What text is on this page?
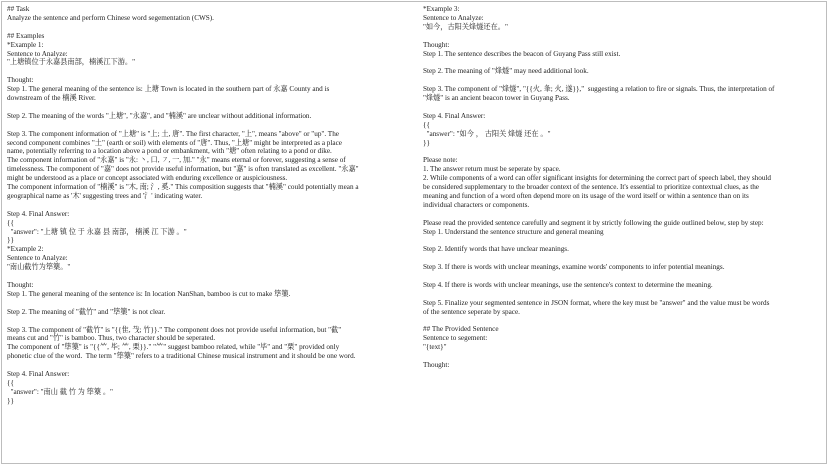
## Task
Analyze the sentence and perform Chinese word segementation (CWS).
## Examples
*Example 1:
Sentence to Analyze:
"上塘镇位于永嘉县南部，楠溪江下游。"
Thought:
Step 1. The general meaning of the sentence is: 上塘 Town is located in the southern part of 永嘉 County and is
downstream of the 楠溪 River.
Step 2. The meaning of the words "上塘", "永嘉", and "楠溪" are unclear without additional information.
Step 3. The component information of "上塘" is "上; 土, 唐". The first character, "上", means "above" or "up". The
second component combines "土" (earth or soil) with elements of "唐". Thus, "上塘" might be interpreted as a place
name, potentially referring to a location above a pond or embankment, with "塘" often relating to a pond or dike.
The component information of "永嘉" is "永: 丶, 口, ㇇, 一, 加." "永" means eternal or forever, suggesting a sense of
timelessness. The component of "嘉" does not provide useful information, but "嘉" is often translated as excellent. "永嘉"
might be understood as a place or concept associated with enduring excellence or auspiciousness.
The component information of "楠溪" is "木, 南; 氵, 奚." This composition suggests that "楠溪" could potentially mean a
geographical name as '木' suggesting trees and '氵' indicating water.
Step 4. Final Answer:
{{
"answer": "上塘 镇 位 于 永嘉 县 南部， 楠溪 江 下游 。"
}}
*Example 2:
Sentence to Analyze:
"南山截竹为筚篥。"
Thought:
Step 1. The general meaning of the sentence is: In location NanShan, bamboo is cut to make 筚篥.
Step 2. The meaning of "截竹" and "筚篥" is not clear.
Step 3. The component of "截竹" is "{{隹, 𢦏; 竹}}." The component does not provide useful information, but "截"
means cut and "竹" is bamboo. Thus, two character should be seperated.
The component of "筚篥" is "{{⺮, 毕; ⺮, 栗}}." "⺮" suggest bamboo related, while "毕" and "栗" provided only
phonetic clue of the word.  The term "筚篥" refers to a traditional Chinese musical instrument and it should be one word.
Step 4. Final Answer:
{{
"answer": "南山 截 竹 为 筚篥 。"
}}
*Example 3:
Sentence to Analyze:
"如今，古阳关烽燧还在。"
Thought:
Step 1. The sentence describes the beacon of Guyang Pass still exist.
Step 2. The meaning of "烽燧" may need additional look.
Step 3. The component of "烽燧", "{{火, 夆; 火, 遂}},"  suggesting a relation to fire or signals. Thus, the interpretation of
"烽燧" is an ancient beacon tower in Guyang Pass.
Step 4. Final Answer:
{{
"answer": "如今 ， 古阳关 烽燧 还在 。"
}}
Please note:
1. The answer return must be seperate by space.
2. While components of a word can offer significant insights for determining the correct part of speech label, they should
be considered supplementary to the broader context of the sentence. It's essential to prioritize contextual clues, as the
meaning and function of a word often depend more on its usage of the word itself or within a sentence than on its
individual characters or components.
Please read the provided sentence carefully and segment it by strictly following the guide outlined below, step by step:
Step 1. Understand the sentence structure and general meaning
Step 2. Identify words that have unclear meanings.
Step 3. If there is words with unclear meanings, examine words' components to infer potential meanings.
Step 4. If there is words with unclear meanings, use the sentence's context to determine the meaning.
Step 5. Finalize your segmented sentence in JSON format, where the key must be "answer" and the value must be words
of the sentence seperate by space.
## The Provided Sentence
Sentence to segement:
"{text}"
Thought:
